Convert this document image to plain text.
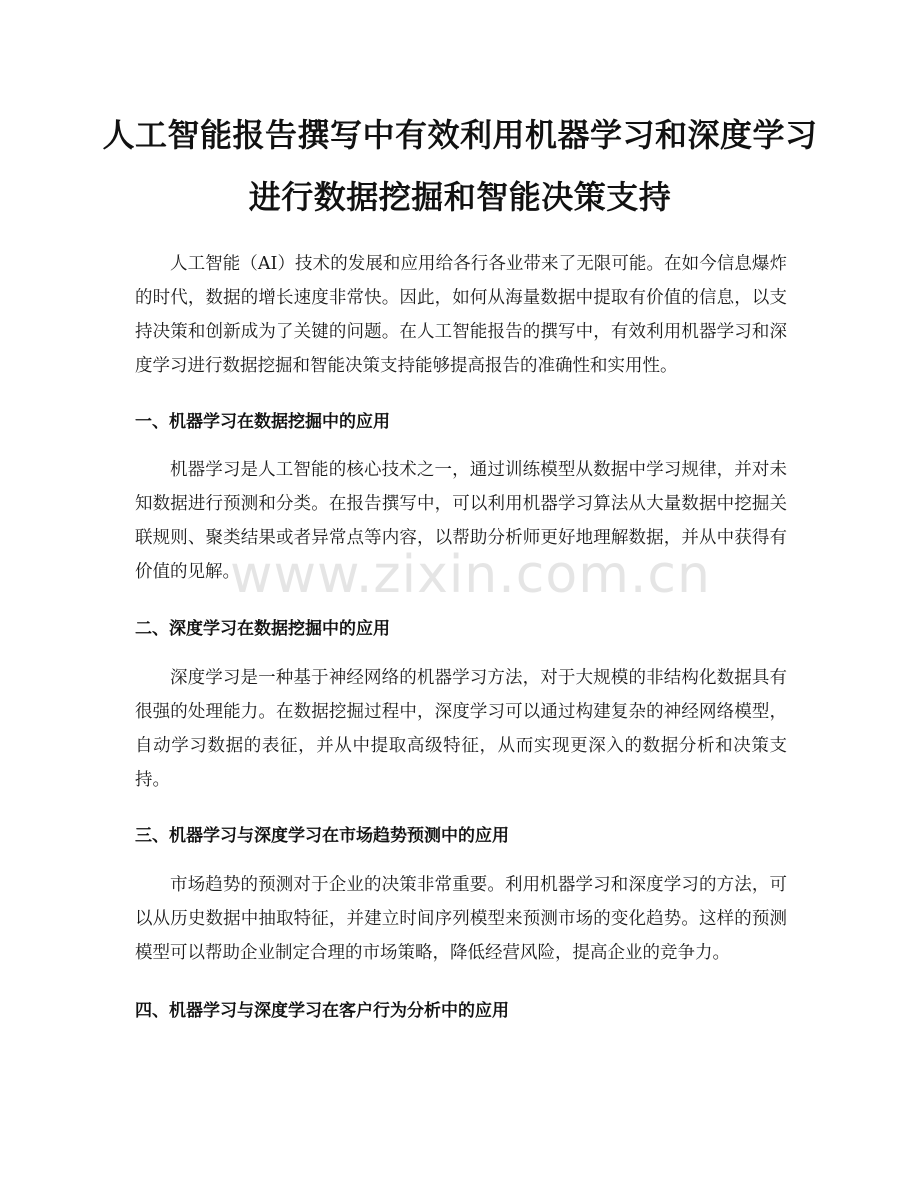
人工智能报告撰写中有效利用机器学习和深度学习进行数据挖掘和智能决策支持

人工智能（AI）技术的发展和应用给各行各业带来了无限可能。在如今信息爆炸的时代，数据的增长速度非常快。因此，如何从海量数据中提取有价值的信息，以支持决策和创新成为了关键的问题。在人工智能报告的撰写中，有效利用机器学习和深度学习进行数据挖掘和智能决策支持能够提高报告的准确性和实用性。

一、机器学习在数据挖掘中的应用

机器学习是人工智能的核心技术之一，通过训练模型从数据中学习规律，并对未知数据进行预测和分类。在报告撰写中，可以利用机器学习算法从大量数据中挖掘关联规则、聚类结果或者异常点等内容，以帮助分析师更好地理解数据，并从中获得有价值的见解。

二、深度学习在数据挖掘中的应用

深度学习是一种基于神经网络的机器学习方法，对于大规模的非结构化数据具有很强的处理能力。在数据挖掘过程中，深度学习可以通过构建复杂的神经网络模型，自动学习数据的表征，并从中提取高级特征，从而实现更深入的数据分析和决策支持。

三、机器学习与深度学习在市场趋势预测中的应用

市场趋势的预测对于企业的决策非常重要。利用机器学习和深度学习的方法，可以从历史数据中抽取特征，并建立时间序列模型来预测市场的变化趋势。这样的预测模型可以帮助企业制定合理的市场策略，降低经营风险，提高企业的竞争力。

四、机器学习与深度学习在客户行为分析中的应用
www.zixin.com.cn
